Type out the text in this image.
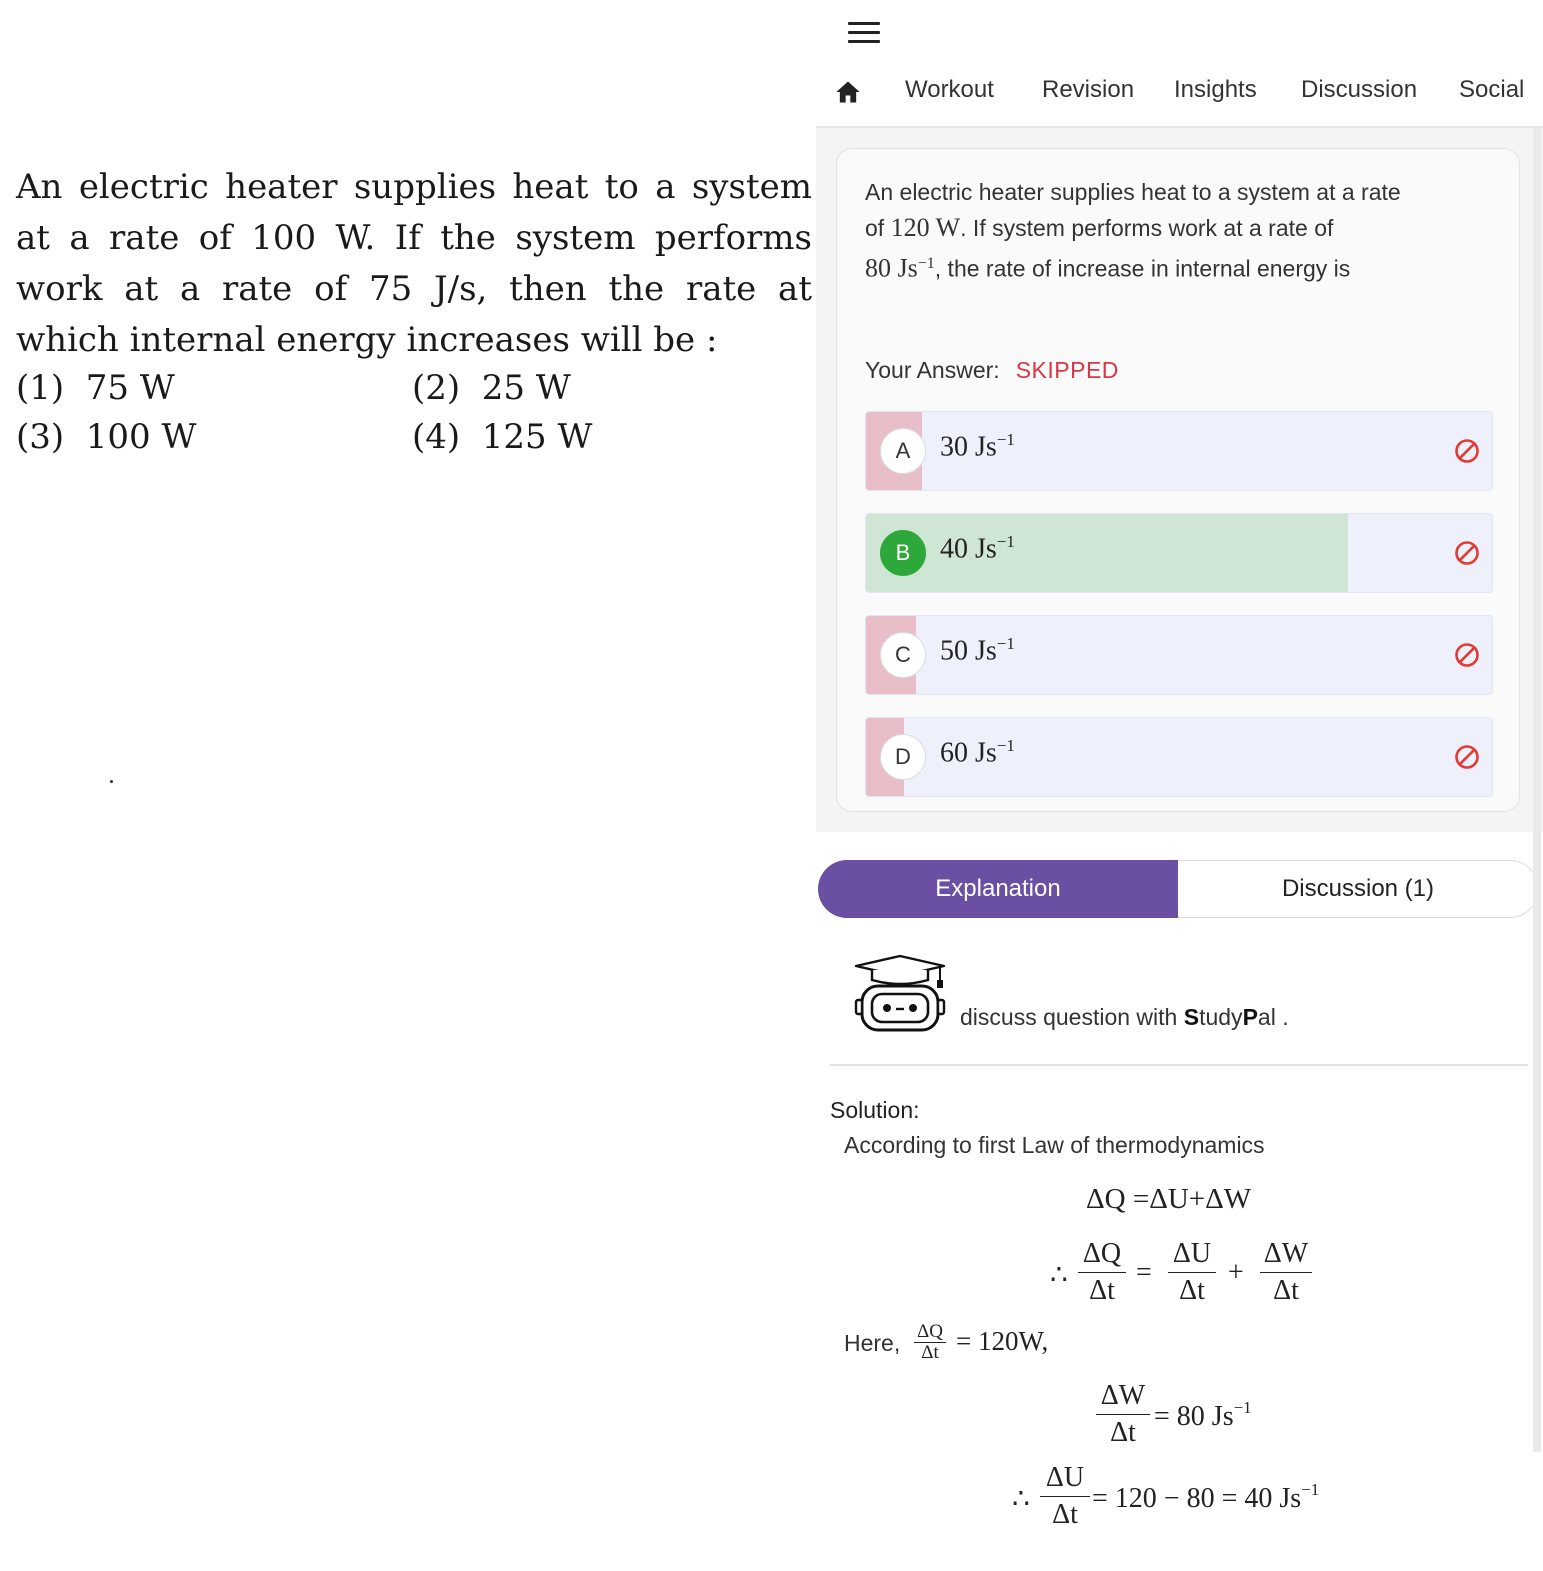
An electric heater supplies heat to a system at a rate of 100 W. If the system performs work at a rate of 75 J/s, then the rate at which internal energy increases will be :
(1) 75 W	(2) 25 W
(3) 100 W	(4) 125 W
Workout Revision Insights Discussion Social
An electric heater supplies heat to a system at a rate
of 120 W. If system performs work at a rate of
80 $Js^{-1}$, the rate of increase in internal energy is
Your Answer: SKIPPED
A	30 $Js^{-1}$
B	40 $Js^{-1}$
C	50 $Js^{-1}$
D	60 $Js^{-1}$
Explanation	Discussion (1)
discuss question with StudyPal .
Solution:
According to first Law of thermodynamics
ΔQ =ΔU+ΔW
∴ $\frac{\Delta Q}{\Delta t} = \frac{\Delta U}{\Delta t} + \frac{\Delta W}{\Delta t}$
Here, $\frac{\Delta Q}{\Delta t} = 120W$,
$\frac{\Delta W}{\Delta t} = 80$ $Js^{-1}$
∴ $\frac{\Delta U}{\Delta t} = 120 - 80 = 40$ $Js^{-1}$
